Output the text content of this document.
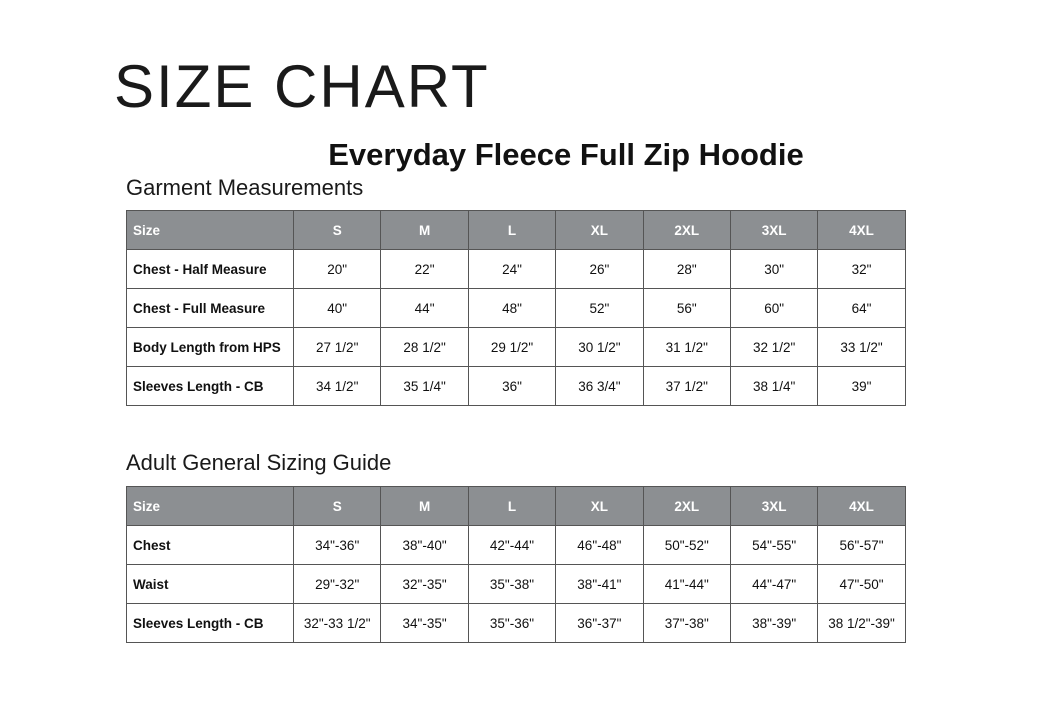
SIZE CHART
Everyday Fleece Full Zip Hoodie
Garment Measurements
Size	S	M	L	XL	2XL	3XL	4XL
Chest - Half Measure	20"	22"	24"	26"	28"	30"	32"
Chest - Full Measure	40"	44"	48"	52"	56"	60"	64"
Body Length from HPS	27 1/2"	28 1/2"	29 1/2"	30 1/2"	31 1/2"	32 1/2"	33 1/2"
Sleeves Length - CB	34 1/2"	35 1/4"	36"	36 3/4"	37 1/2"	38 1/4"	39"
Adult General Sizing Guide
Size	S	M	L	XL	2XL	3XL	4XL
Chest	34"-36"	38"-40"	42"-44"	46"-48"	50"-52"	54"-55"	56"-57"
Waist	29"-32"	32"-35"	35"-38"	38"-41"	41"-44"	44"-47"	47"-50"
Sleeves Length - CB	32"-33 1/2"	34"-35"	35"-36"	36"-37"	37"-38"	38"-39"	38 1/2"-39"
